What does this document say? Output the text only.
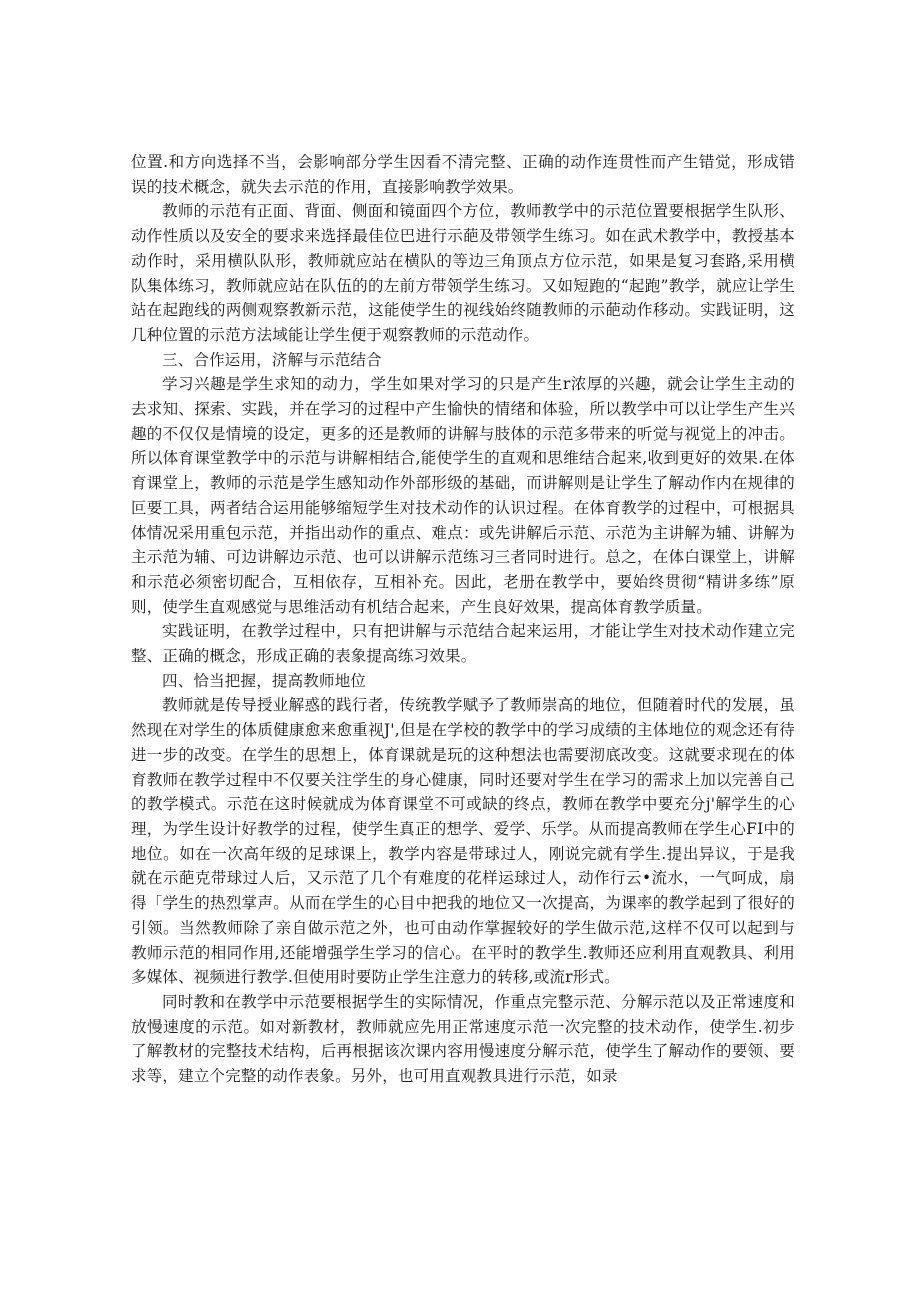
位置.和方向选择不当，会影响部分学生因看不清完整、正确的动作连贯性而产生错觉，形成错误的技术概念，就失去示范的作用，直接影响教学效果。

教师的示范有正面、背面、侧面和镜面四个方位，教师教学中的示范位置要根据学生队形、动作性质以及安全的要求来选择最佳位巴进行示葩及带领学生练习。如在武术教学中，教授基本动作时，采用横队队形，教师就应站在横队的等边三角顶点方位示范，如果是复习套路,采用横队集体练习，教师就应站在队伍的的左前方带领学生练习。又如短跑的“起跑”教学，就应让学生站在起跑线的两侧观察教新示范，这能使学生的视线始终随教师的示葩动作移动。实践证明，这几种位置的示范方法域能让学生便于观察教师的示范动作。

三、合作运用，济解与示范结合

学习兴趣是学生求知的动力，学生如果对学习的只是产生r浓厚的兴趣，就会让学生主动的去求知、探索、实践，并在学习的过程中产生愉快的情绪和体验，所以教学中可以让学生产生兴趣的不仅仅是情境的设定，更多的还是教师的讲解与肢体的示范多带来的听觉与视觉上的冲击。所以体育课堂教学中的示范与讲解相结合,能使学生的直观和思维结合起来,收到更好的效果.在体育课堂上，教师的示范是学生感知动作外部形级的基础，而讲解则是让学生了解动作内在规律的叵要工具，两者结合运用能够缩短学生对技术动作的认识过程。在体育教学的过程中，可根据具体情况采用重包示范，并指出动作的重点、难点：或先讲解后示范、示范为主讲解为辅、讲解为主示范为辅、可边讲解边示范、也可以讲解示范练习三者同时进行。总之，在体白课堂上，讲解和示范必须密切配合，互相依存，互相补充。因此，老册在教学中，要始终贯彻“精讲多练”原则，使学生直观感觉与思维活动有机结合起来，产生良好效果，提高体育教学质量。

实践证明，在教学过程中，只有把讲解与示范结合起来运用，才能让学生对技术动作建立完整、正确的概念，形成正确的表象提高练习效果。

四、恰当把握，提高教师地位

教师就是传导授业解惑的践行者，传统教学赋予了教师崇高的地位，但随着时代的发展，虽然现在对学生的体质健康愈来愈重视J',但是在学校的教学中的学习成绩的主体地位的观念还有待进一步的改变。在学生的思想上，体育课就是玩的这种想法也需要沏底改变。这就要求现在的体育教师在教学过程中不仅要关注学生的身心健康，同时还要对学生在学习的需求上加以完善自己的教学模式。示范在这时候就成为体育课堂不可或缺的终点，教师在教学中要充分j'解学生的心理，为学生设计好教学的过程，使学生真正的想学、爱学、乐学。从而提高教师在学生心FI中的地位。如在一次高年级的足球课上，教学内容是带球过人，刚说完就有学生.提出异议，于是我就在示葩克带球过人后，又示范了几个有难度的花样运球过人，动作行云•流水，一气呵成，扇得「学生的热烈掌声。从而在学生的心目中把我的地位又一次提高，为课率的教学起到了很好的引领。当然教师除了亲自做示范之外，也可由动作掌握较好的学生做示范,这样不仅可以起到与教师示范的相同作用,还能增强学生学习的信心。在平时的教学生.教师还应利用直观教具、利用多媒体、视频进行教学.但使用时要防止学生注意力的转移,或流r形式。

同时教和在教学中示范要根据学生的实际情况，作重点完整示范、分解示范以及正常速度和放慢速度的示范。如对新教材，教师就应先用正常速度示范一次完整的技术动作，使学生.初步了解教材的完整技术结构，后再根据该次课内容用慢速度分解示范，使学生了解动作的要领、要求等，建立个完整的动作表象。另外，也可用直观教具进行示范，如录
